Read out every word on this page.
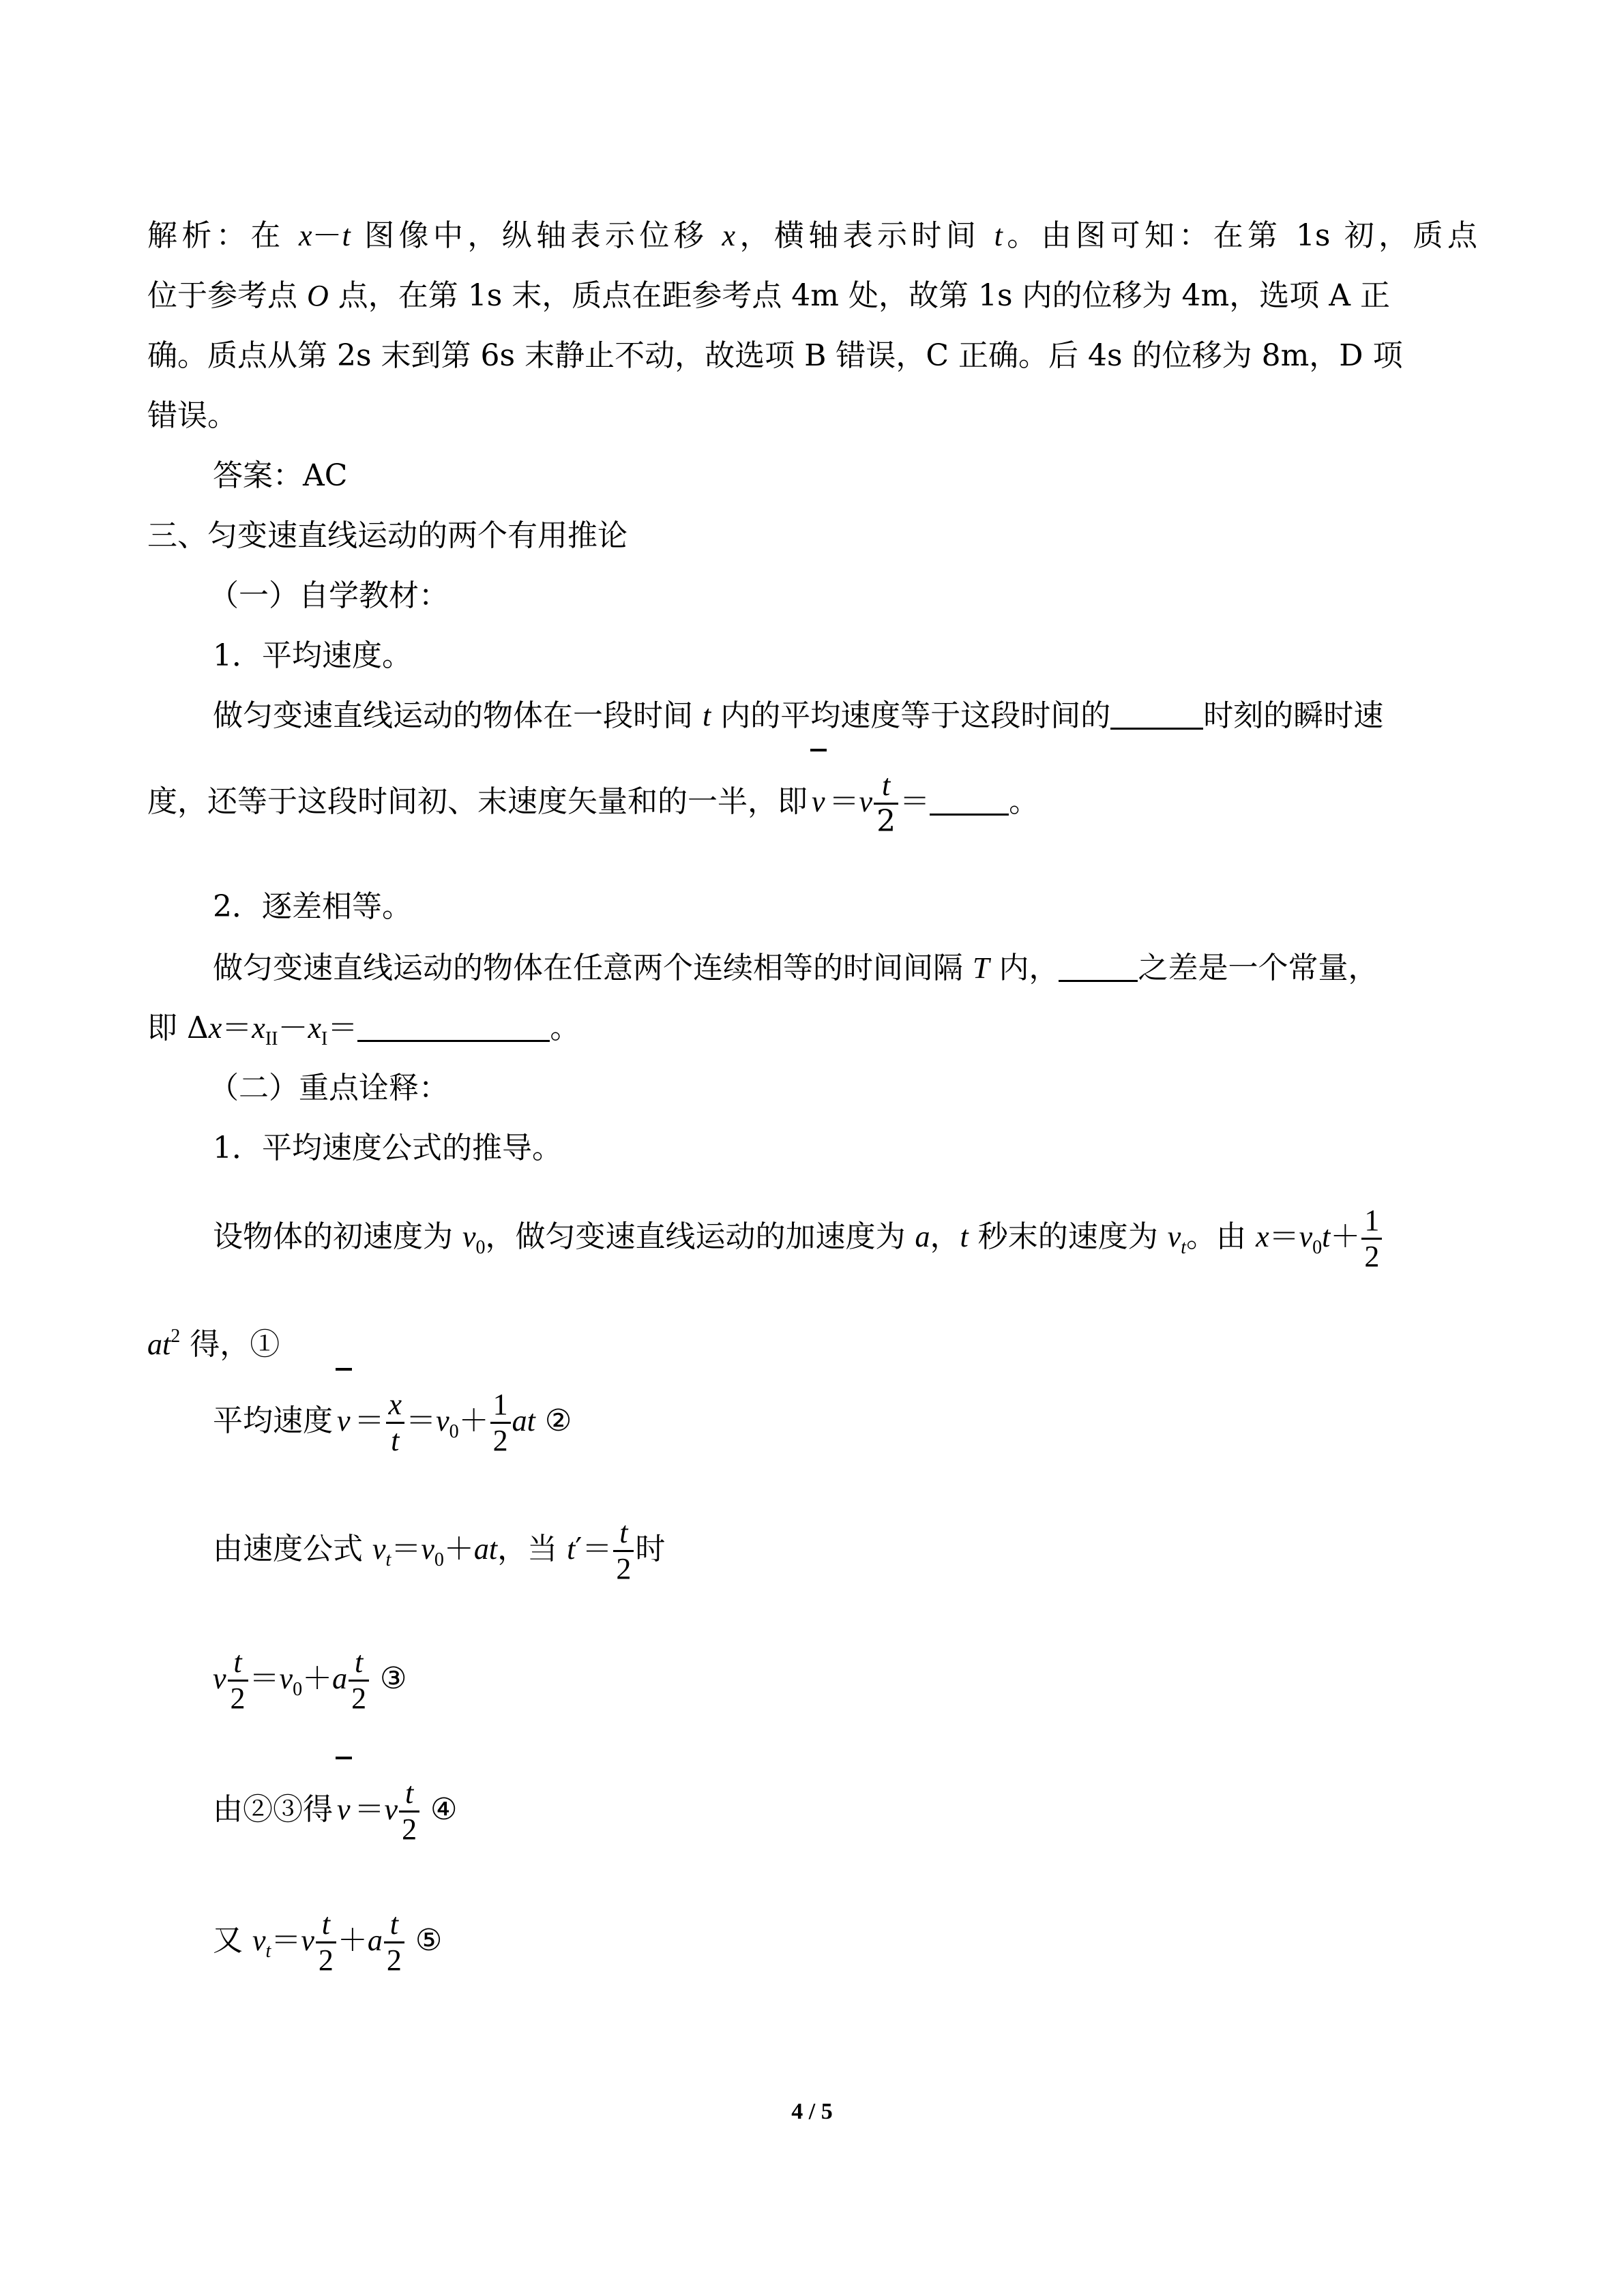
解析：在 x－t 图像中，纵轴表示位移 x，横轴表示时间 t。由图可知：在第 1s 初，质点
位于参考点 O 点，在第 1s 末，质点在距参考点 4m 处，故第 1s 内的位移为 4m，选项 A 正
确。质点从第 2s 末到第 6s 末静止不动，故选项 B 错误，C 正确。后 4s 的位移为 8m，D 项
错误。
答案：AC
三、匀变速直线运动的两个有用推论
（一）自学教材：
1．平均速度。
做匀变速直线运动的物体在一段时间 t 内的平均速度等于这段时间的	时刻的瞬时速
度，还等于这段时间初、末速度矢量和的一半，即 $v =v \frac{t}{2}$ ＝	。
2．逐差相等。
做匀变速直线运动的物体在任意两个连续相等的时间间隔 T 内，	之差是一个常量，
即 $\Delta x=x_{II}-x_I=$	。
（二）重点诠释：
1．平均速度公式的推导。
设物体的初速度为 $v_0$，做匀变速直线运动的加速度为 a，t 秒末的速度为 $v_t$。由 $x=v_0t+ \frac{1}{2}$
$at^2$ 得，①
平均速度 $v = \frac{x}{t} =v_0+ \frac{1}{2}$ at ②
由速度公式 $v_t=v_0+at$，当 $t'= \frac{t}{2}$ 时
v $\frac{t}{2} =v_0+a \frac{t}{2}$ ③
由②③得 $v =v \frac{t}{2}$ ④
又 $v_t=v \frac{t}{2} +a \frac{t}{2}$ ⑤
4 / 5
